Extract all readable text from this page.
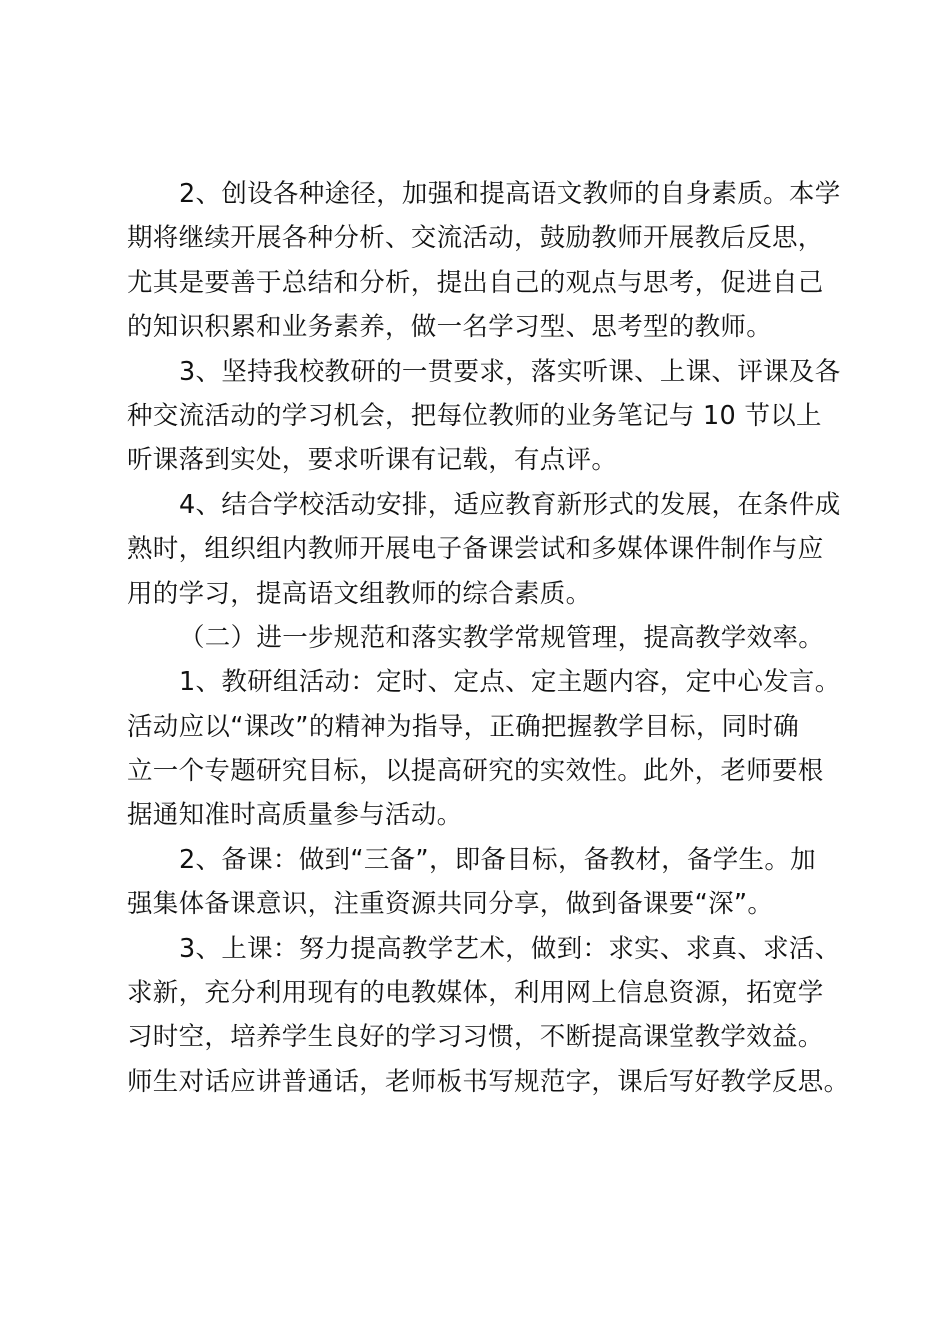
2、创设各种途径，加强和提高语文教师的自身素质。本学
期将继续开展各种分析、交流活动，鼓励教师开展教后反思，
尤其是要善于总结和分析，提出自己的观点与思考，促进自己
的知识积累和业务素养，做一名学习型、思考型的教师。
3、坚持我校教研的一贯要求，落实听课、上课、评课及各
种交流活动的学习机会，把每位教师的业务笔记与 10 节以上
听课落到实处，要求听课有记载，有点评。
4、结合学校活动安排，适应教育新形式的发展，在条件成
熟时，组织组内教师开展电子备课尝试和多媒体课件制作与应
用的学习，提高语文组教师的综合素质。
（二）进一步规范和落实教学常规管理，提高教学效率。
1、教研组活动：定时、定点、定主题内容，定中心发言。
活动应以“课改”的精神为指导，正确把握教学目标，同时确
立一个专题研究目标，以提高研究的实效性。此外，老师要根
据通知准时高质量参与活动。
2、备课：做到“三备”，即备目标，备教材，备学生。加
强集体备课意识，注重资源共同分享，做到备课要“深”。
3、上课：努力提高教学艺术，做到：求实、求真、求活、
求新，充分利用现有的电教媒体，利用网上信息资源，拓宽学
习时空，培养学生良好的学习习惯，不断提高课堂教学效益。
师生对话应讲普通话，老师板书写规范字，课后写好教学反思。
